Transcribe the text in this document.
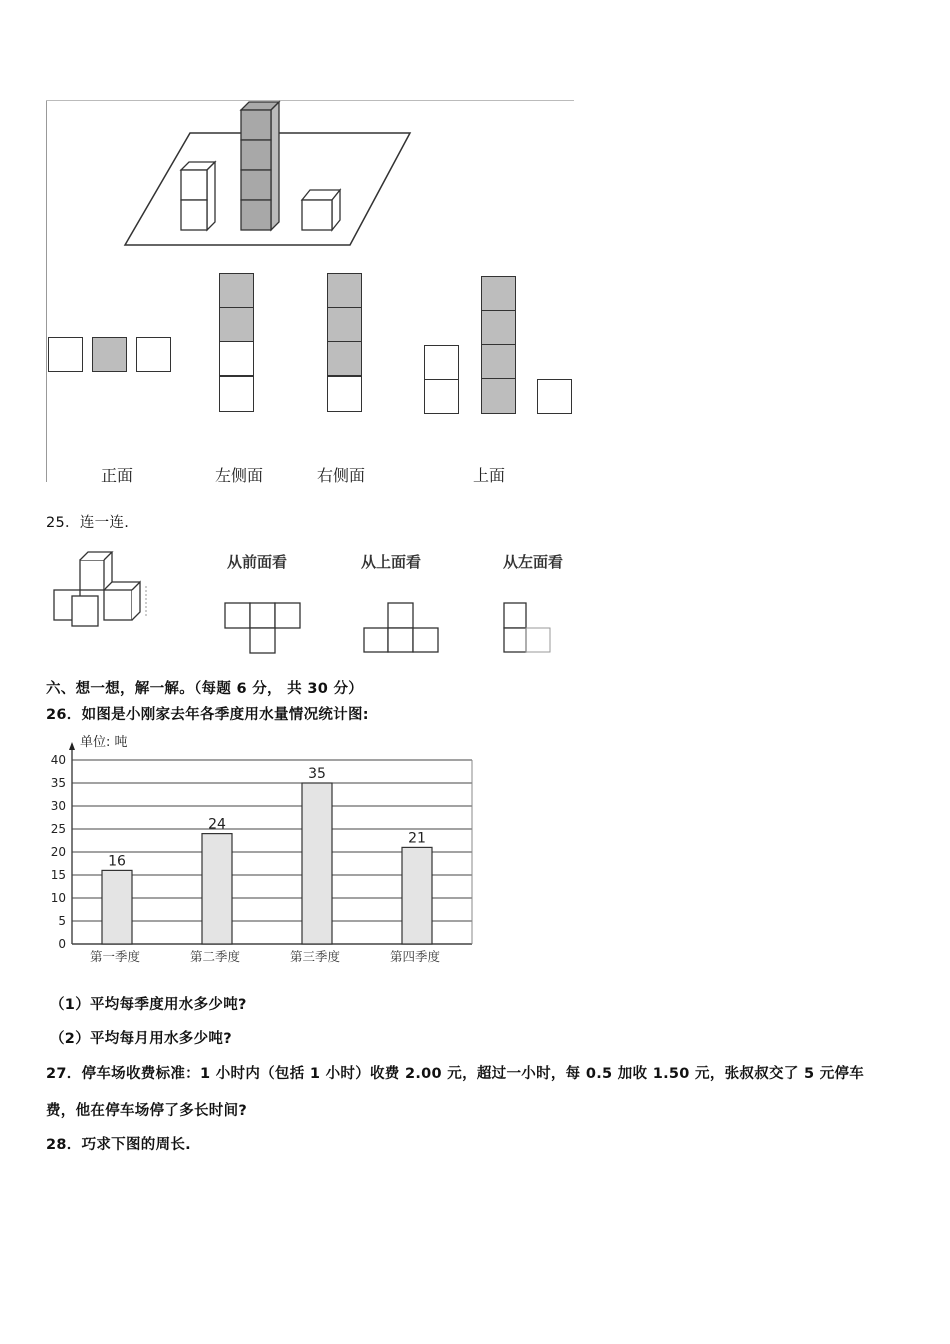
正面	左侧面	右侧面	上面
25．连一连.
从前面看	从上面看	从左面看
六、想一想，解一解。（每题 6 分， 共 30 分）
26．如图是小刚家去年各季度用水量情况统计图:
单位: 吨
0
5
10
15
20
25
30
35
40
16
第一季度
24
第二季度
35
第三季度
21
第四季度
（1）平均每季度用水多少吨?
（2）平均每月用水多少吨?
27．停车场收费标准：1 小时内（包括 1 小时）收费 2.00 元，超过一小时，每 0.5 加收 1.50 元，张叔叔交了 5 元停车
费，他在停车场停了多长时间?
28．巧求下图的周长.
